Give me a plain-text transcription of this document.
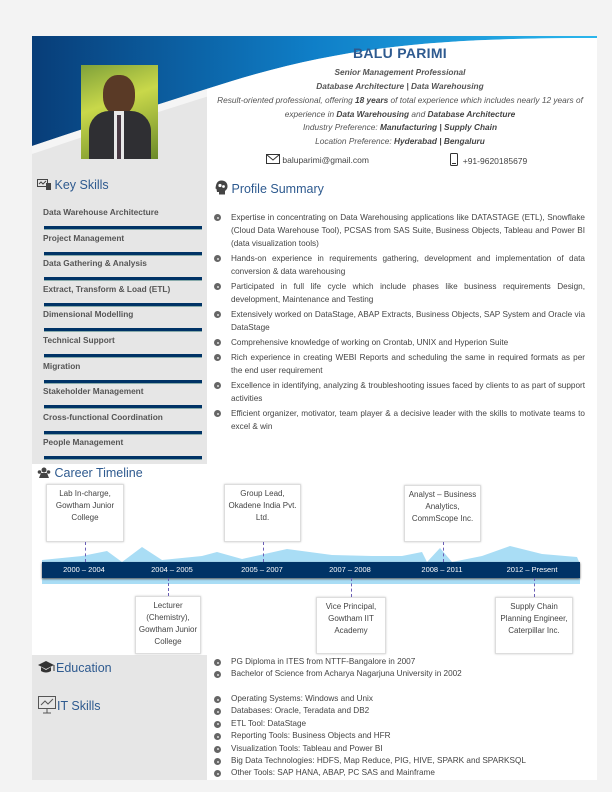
BALU PARIMI
Senior Management Professional
Database Architecture | Data Warehousing
Result-oriented professional, offering 18 years of total experience which includes nearly 12 years of experience in Data Warehousing and Database Architecture
Industry Preference: Manufacturing | Supply Chain
Location Preference: Hyderabad | Bengaluru
baluparimi@gmail.com	+91-9620185679
Key Skills
Data Warehouse Architecture
Project Management
Data Gathering & Analysis
Extract, Transform & Load (ETL)
Dimensional Modelling
Technical Support
Migration
Stakeholder Management
Cross-functional Coordination
People Management
Profile Summary
Expertise in concentrating on Data Warehousing applications like DATASTAGE (ETL), Snowflake (Cloud Data Warehouse Tool), PCSAS from SAS Suite, Business Objects, Tableau and Power BI (data visualization tools)
Hands-on experience in requirements gathering, development and implementation of data conversion & data warehousing
Participated in full life cycle which include phases like business requirements Design, development, Maintenance and Testing
Extensively worked on DataStage, ABAP Extracts, Business Objects, SAP System and Oracle via DataStage
Comprehensive knowledge of working on Crontab, UNIX and Hyperion Suite
Rich experience in creating WEBI Reports and scheduling the same in required formats as per the end user requirement
Excellence in identifying, analyzing & troubleshooting issues faced by clients to as part of support activities
Efficient organizer, motivator, team player & a decisive leader with the skills to motivate teams to excel & win
Career Timeline
2000 – 2004
Lab In-charge, Gowtham Junior College
2004 – 2005
Lecturer (Chemistry), Gowtham Junior College
2005 – 2007
Group Lead, Okadene India Pvt. Ltd.
2007 – 2008
Vice Principal, Gowtham IIT Academy
2008 – 2011
Analyst – Business Analytics, CommScope Inc.
2012 – Present
Supply Chain Planning Engineer, Caterpillar Inc.
Education	PG Diploma in ITES from NTTF-Bangalore in 2007
Bachelor of Science from Acharya Nagarjuna University in 2002
IT Skills
Operating Systems: Windows and Unix
Databases: Oracle, Teradata and DB2
ETL Tool: DataStage
Reporting Tools: Business Objects and HFR
Visualization Tools: Tableau and Power BI
Big Data Technologies: HDFS, Map Reduce, PIG, HIVE, SPARK and SPARKSQL
Other Tools: SAP HANA, ABAP, PC SAS and Mainframe
